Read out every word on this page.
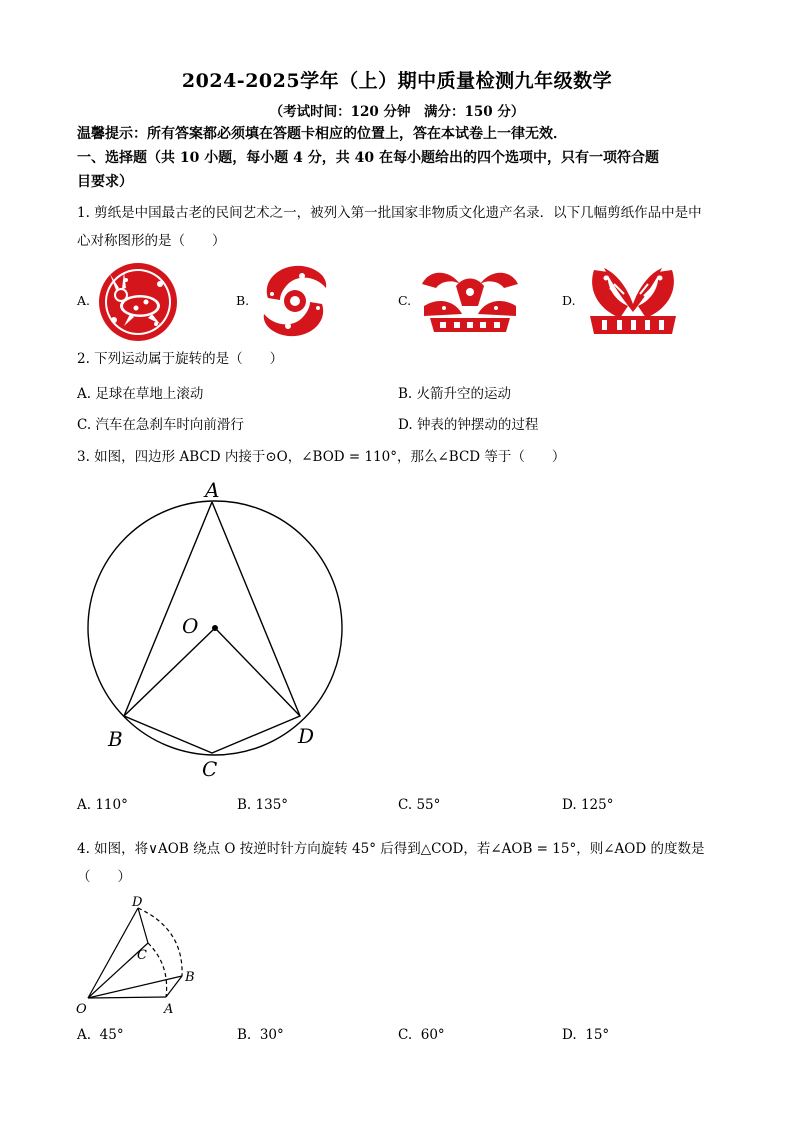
2024-2025学年（上）期中质量检测九年级数学
（考试时间：120 分钟　满分：150 分）
温馨提示：所有答案都必须填在答题卡相应的位置上，答在本试卷上一律无效．
一、选择题（共 10 小题，每小题 4 分，共 40 在每小题给出的四个选项中，只有一项符合题
目要求）
1. 剪纸是中国最古老的民间艺术之一，被列入第一批国家非物质文化遗产名录．以下几幅剪纸作品中是中
心对称图形的是（　　）
A.	B.	C.	D.
2. 下列运动属于旋转的是（　　）
A. 足球在草地上滚动	B. 火箭升空的运动
C. 汽车在急刹车时向前滑行	D. 钟表的钟摆动的过程
3. 如图，四边形 ABCD 内接于⊙O，∠BOD = 110°，那么∠BCD 等于（　　）
A
O
B
C
D
A. 110°	B. 135°	C. 55°	D. 125°
4. 如图，将∨AOB 绕点 O 按逆时针方向旋转 45° 后得到△COD，若∠AOB = 15°，则∠AOD 的度数是
（　　）
D
C
B
O	A
A. 45°	B. 30°	C. 60°	D. 15°
